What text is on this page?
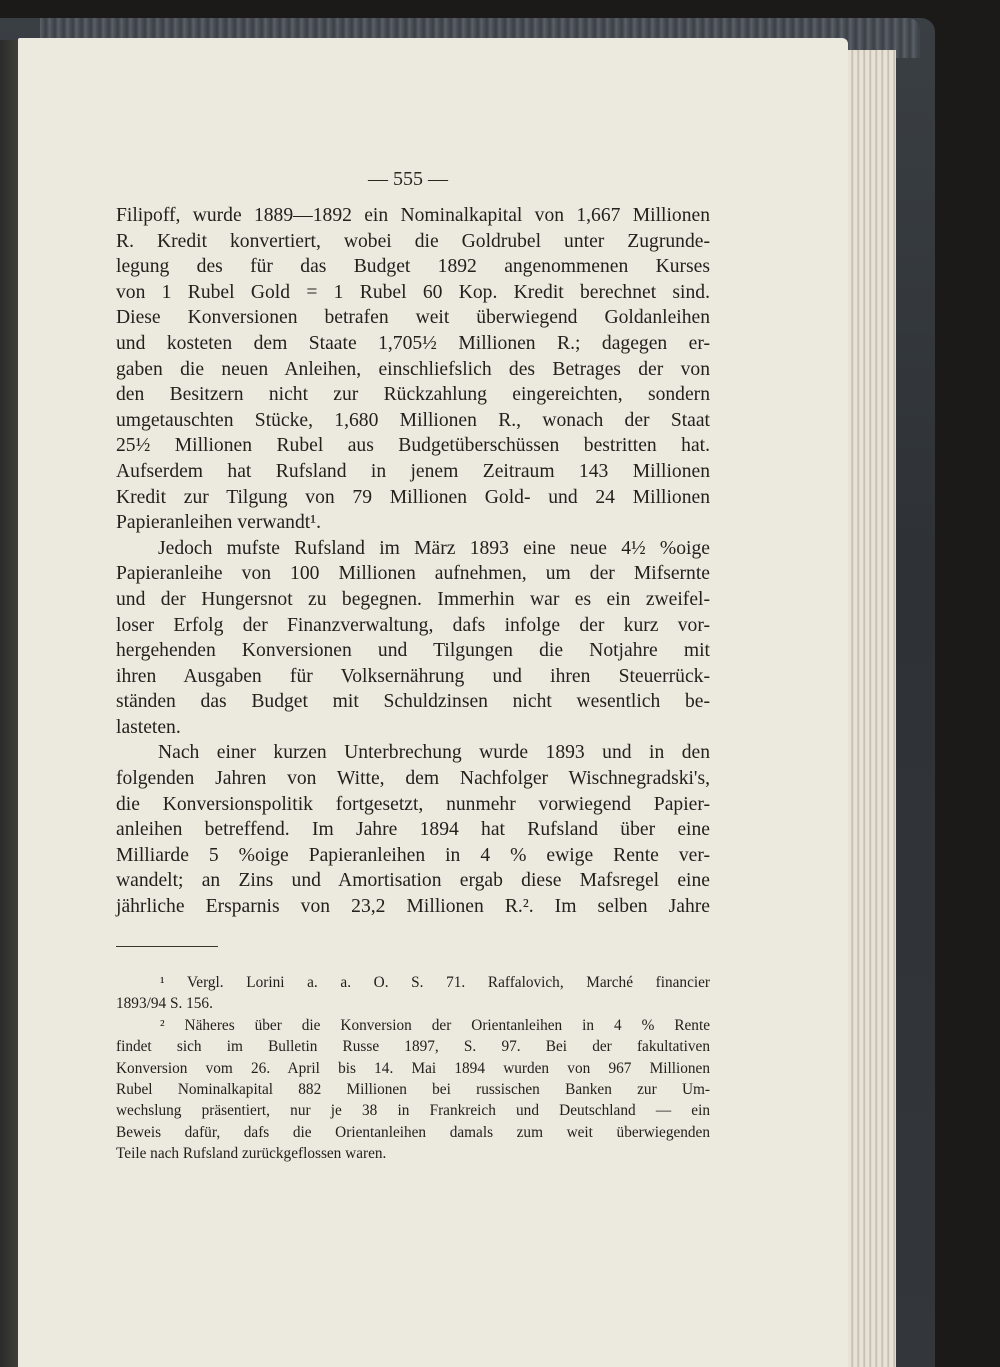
— 555 —
Filipoff, wurde 1889—1892 ein Nominalkapital von 1,667 Millionen
R. Kredit konvertiert, wobei die Goldrubel unter Zugrunde-
legung des für das Budget 1892 angenommenen Kurses
von 1 Rubel Gold = 1 Rubel 60 Kop. Kredit berechnet sind.
Diese Konversionen betrafen weit überwiegend Goldanleihen
und kosteten dem Staate 1,705½ Millionen R.; dagegen er-
gaben die neuen Anleihen, einschliefslich des Betrages der von
den Besitzern nicht zur Rückzahlung eingereichten, sondern
umgetauschten Stücke, 1,680 Millionen R., wonach der Staat
25½ Millionen Rubel aus Budgetüberschüssen bestritten hat.
Aufserdem hat Rufsland in jenem Zeitraum 143 Millionen
Kredit zur Tilgung von 79 Millionen Gold- und 24 Millionen
Papieranleihen verwandt¹.
Jedoch mufste Rufsland im März 1893 eine neue 4½ %oige
Papieranleihe von 100 Millionen aufnehmen, um der Mifsernte
und der Hungersnot zu begegnen. Immerhin war es ein zweifel-
loser Erfolg der Finanzverwaltung, dafs infolge der kurz vor-
hergehenden Konversionen und Tilgungen die Notjahre mit
ihren Ausgaben für Volksernährung und ihren Steuerrück-
ständen das Budget mit Schuldzinsen nicht wesentlich be-
lasteten.
Nach einer kurzen Unterbrechung wurde 1893 und in den
folgenden Jahren von Witte, dem Nachfolger Wischnegradski's,
die Konversionspolitik fortgesetzt, nunmehr vorwiegend Papier-
anleihen betreffend. Im Jahre 1894 hat Rufsland über eine
Milliarde 5 %oige Papieranleihen in 4 % ewige Rente ver-
wandelt; an Zins und Amortisation ergab diese Mafsregel eine
jährliche Ersparnis von 23,2 Millionen R.². Im selben Jahre
¹ Vergl. Lorini a. a. O. S. 71. Raffalovich, Marché financier
1893/94 S. 156.
² Näheres über die Konversion der Orientanleihen in 4 % Rente
findet sich im Bulletin Russe 1897, S. 97. Bei der fakultativen
Konversion vom 26. April bis 14. Mai 1894 wurden von 967 Millionen
Rubel Nominalkapital 882 Millionen bei russischen Banken zur Um-
wechslung präsentiert, nur je 38 in Frankreich und Deutschland — ein
Beweis dafür, dafs die Orientanleihen damals zum weit überwiegenden
Teile nach Rufsland zurückgeflossen waren.
